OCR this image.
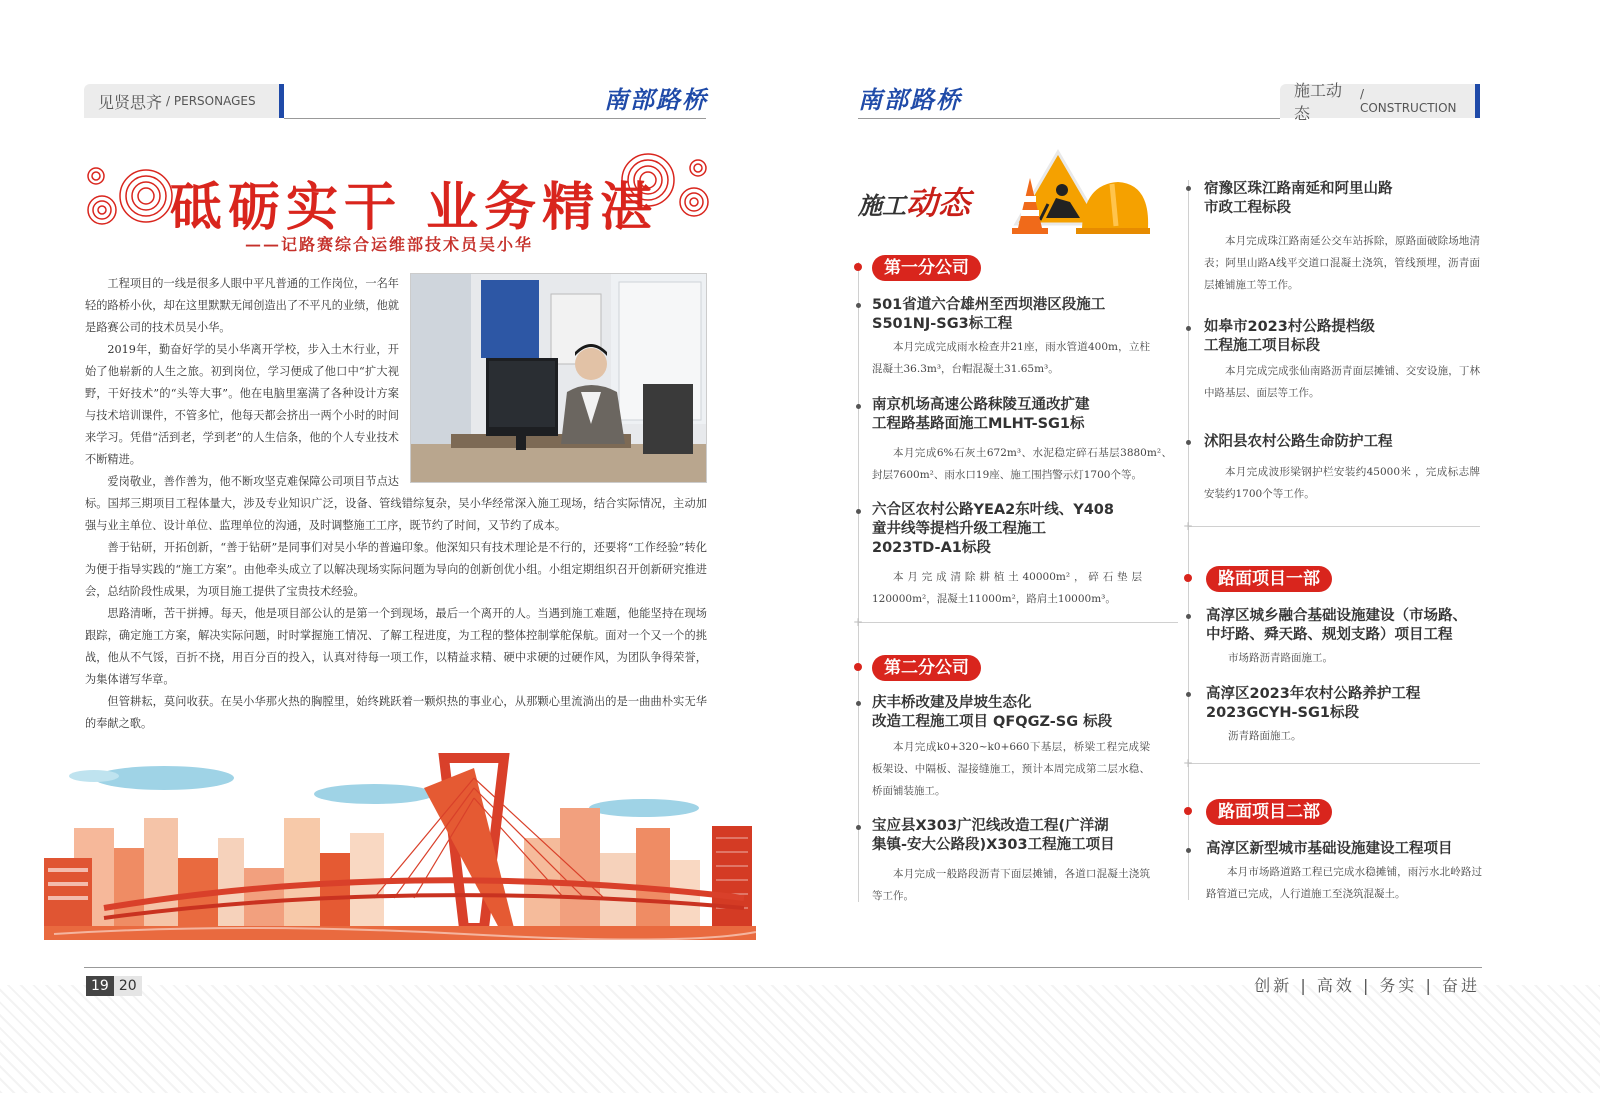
见贤思齐 / PERSONAGES	南部路桥	南部路桥	施工动态
/ CONSTRUCTION
砥砺实干 业务精湛
——记路赛综合运维部技术员吴小华

工程项目的一线是很多人眼中平凡普通的工作岗位，一名年轻的路桥小伙，却在这里默默无闻创造出了不平凡的业绩，他就是路赛公司的技术员吴小华。

2019年，勤奋好学的吴小华离开学校，步入土木行业，开始了他崭新的人生之旅。初到岗位，学习便成了他口中“扩大视野，干好技术”的“头等大事”。他在电脑里塞满了各种设计方案与技术培训课件，不管多忙，他每天都会挤出一两个小时的时间来学习。凭借“活到老，学到老”的人生信条，他的个人专业技术不断精进。

爱岗敬业，善作善为，他不断攻坚克难保障公司项目节点达标。国邦三期项目工程体量大，涉及专业知识广泛，设备、管线错综复杂，吴小华经常深入施工现场，结合实际情况，主动加强与业主单位、设计单位、监理单位的沟通，及时调整施工工序，既节约了时间，又节约了成本。

善于钻研，开拓创新，“善于钻研”是同事们对吴小华的普遍印象。他深知只有技术理论是不行的，还要将“工作经验”转化为便于指导实践的“施工方案”。由他牵头成立了以解决现场实际问题为导向的创新创优小组。小组定期组织召开创新研究推进会，总结阶段性成果，为项目施工提供了宝贵技术经验。

思路清晰，苦干拼搏。每天，他是项目部公认的是第一个到现场，最后一个离开的人。当遇到施工难题，他能坚持在现场跟踪，确定施工方案，解决实际问题，时时掌握施工情况、了解工程进度，为工程的整体控制掌舵保航。面对一个又一个的挑战，他从不气馁，百折不挠，用百分百的投入，认真对待每一项工作，以精益求精、硬中求硬的过硬作风，为团队争得荣誉，为集体谱写华章。

但管耕耘，莫问收获。在吴小华那火热的胸膛里，始终跳跃着一颗炽热的事业心，从那颗心里流淌出的是一曲曲朴实无华的奉献之歌。

施工动态
+
+
+
第一分公司
501省道六合雄州至西坝港区段施工
S501NJ-SG3标工程
本月完成完成雨水检查井21座，雨水管道400m，立柱混凝土36.3m³，台帽混凝土31.65m³。
南京机场高速公路秣陵互通改扩建
工程路基路面施工MLHT-SG1标
本月完成6%石灰土672m³、水泥稳定碎石基层3880m²、封层7600m²、雨水口19座、施工围挡警示灯1700个等。
六合区农村公路YEA2东叶线、Y408
童井线等提档升级工程施工
2023TD-A1标段
本月完成清除耕植土40000m²，碎石垫层120000m²，混凝土11000m²，路肩土10000m³。
第二分公司
庆丰桥改建及岸坡生态化
改造工程施工项目 QFQGZ-SG 标段
本月完成k0+320~k0+660下基层，桥梁工程完成梁板架设、中隔板、湿接缝施工，预计本周完成第二层水稳、桥面铺装施工。
宝应县X303广氾线改造工程(广洋湖
集镇-安大公路段)X303工程施工项目
本月完成一般路段沥青下面层摊铺，各道口混凝土浇筑等工作。
宿豫区珠江路南延和阿里山路
市政工程标段
本月完成珠江路南延公交车站拆除，原路面破除场地清表；阿里山路A线平交道口混凝土浇筑，管线预埋，沥青面层摊铺施工等工作。
如皋市2023村公路提档级
工程施工项目标段
本月完成完成张仙南路沥青面层摊铺、交安设施，丁林中路基层、面层等工作。
沭阳县农村公路生命防护工程
本月完成波形梁钢护栏安装约45000米 ，完成标志牌安装约1700个等工作。
路面项目一部
高淳区城乡融合基础设施建设（市场路、
中圩路、舜天路、规划支路）项目工程
市场路沥青路面施工。
高淳区2023年农村公路养护工程
2023GCYH-SG1标段
沥青路面施工。
路面项目二部
高淳区新型城市基础设施建设工程项目
本月市场路道路工程已完成水稳摊铺，雨污水北岭路过路管道已完成，人行道施工至浇筑混凝土。
19 20	创新 | 高效 | 务实 | 奋进
